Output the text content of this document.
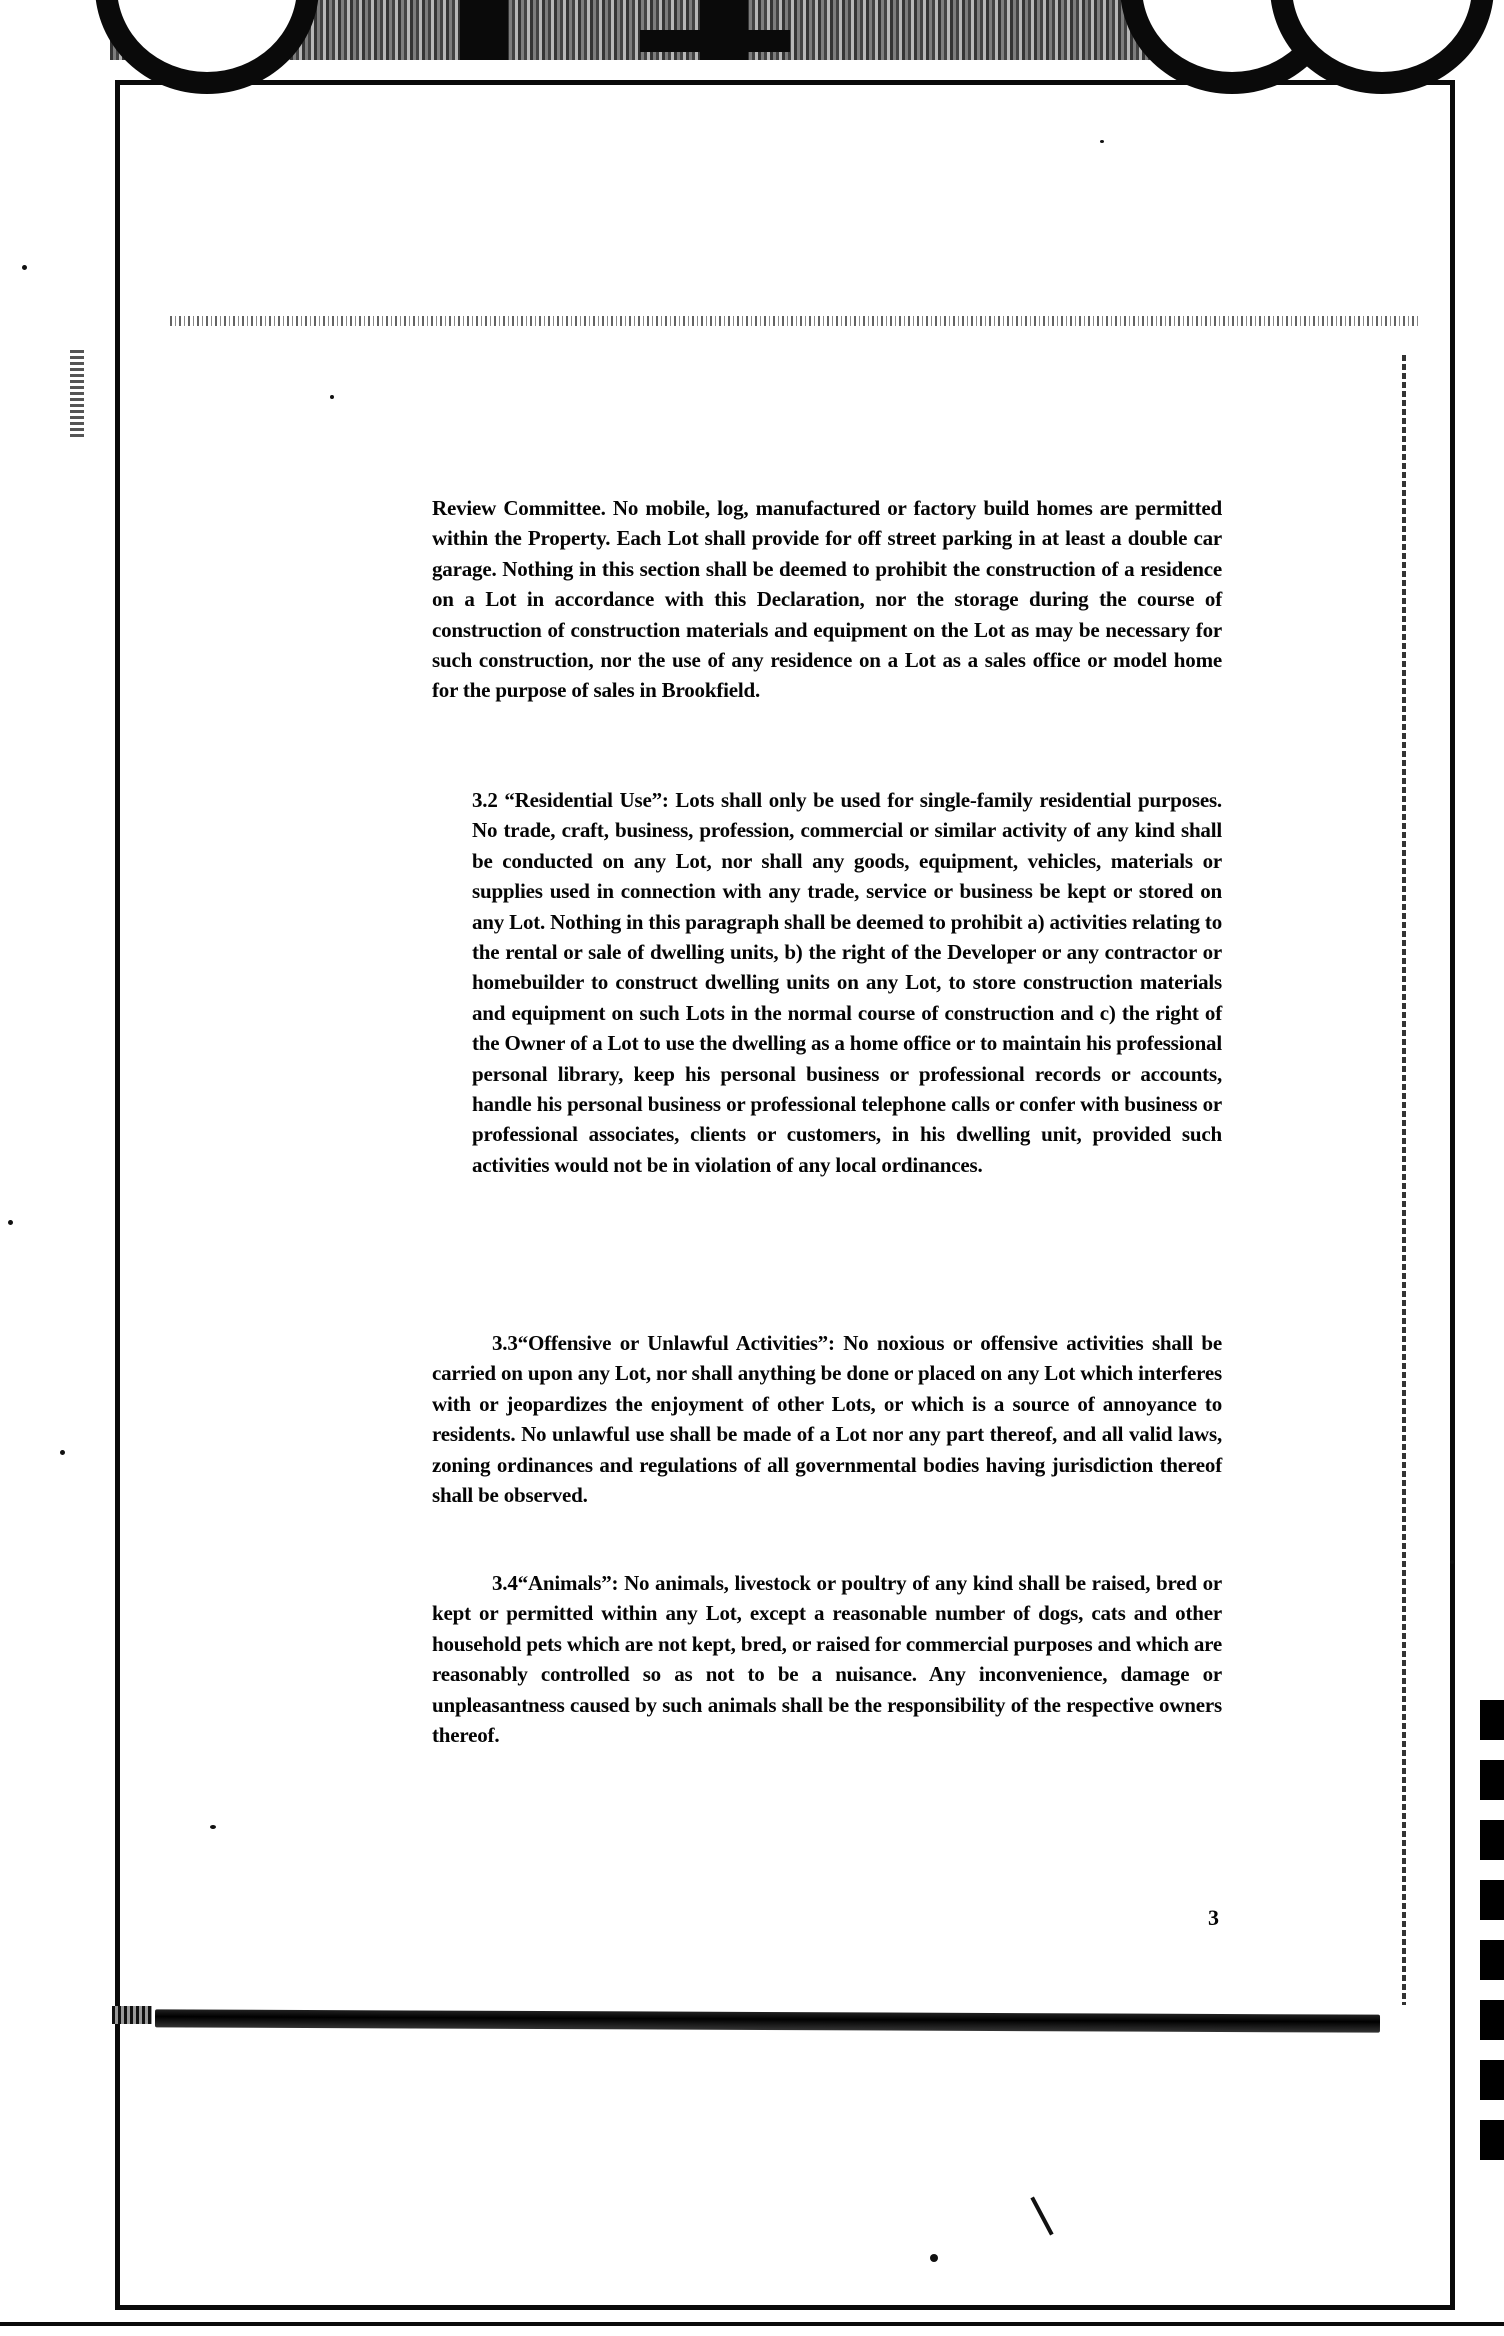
Review Committee. No mobile, log, manufactured or factory build homes are permitted within the Property. Each Lot shall provide for off street parking in at least a double car garage. Nothing in this section shall be deemed to prohibit the construction of a residence on a Lot in accordance with this Declaration, nor the storage during the course of construction of construction materials and equipment on the Lot as may be necessary for such construction, nor the use of any residence on a Lot as a sales office or model home for the purpose of sales in Brookfield.
3.2 “Residential Use”: Lots shall only be used for single-family residential purposes. No trade, craft, business, profession, commercial or similar activity of any kind shall be conducted on any Lot, nor shall any goods, equipment, vehicles, materials or supplies used in connection with any trade, service or business be kept or stored on any Lot. Nothing in this paragraph shall be deemed to prohibit a) activities relating to the rental or sale of dwelling units, b) the right of the Developer or any contractor or homebuilder to construct dwelling units on any Lot, to store construction materials and equipment on such Lots in the normal course of construction and c) the right of the Owner of a Lot to use the dwelling as a home office or to maintain his professional personal library, keep his personal business or professional records or accounts, handle his personal business or professional telephone calls or confer with business or professional associates, clients or customers, in his dwelling unit, provided such activities would not be in violation of any local ordinances.
3.3“Offensive or Unlawful Activities”: No noxious or offensive activities shall be carried on upon any Lot, nor shall anything be done or placed on any Lot which interferes with or jeopardizes the enjoyment of other Lots, or which is a source of annoyance to residents. No unlawful use shall be made of a Lot nor any part thereof, and all valid laws, zoning ordinances and regulations of all governmental bodies having jurisdiction thereof shall be observed.
3.4“Animals”: No animals, livestock or poultry of any kind shall be raised, bred or kept or permitted within any Lot, except a reasonable number of dogs, cats and other household pets which are not kept, bred, or raised for commercial purposes and which are reasonably controlled so as not to be a nuisance. Any inconvenience, damage or unpleasantness caused by such animals shall be the responsibility of the respective owners thereof.
3
